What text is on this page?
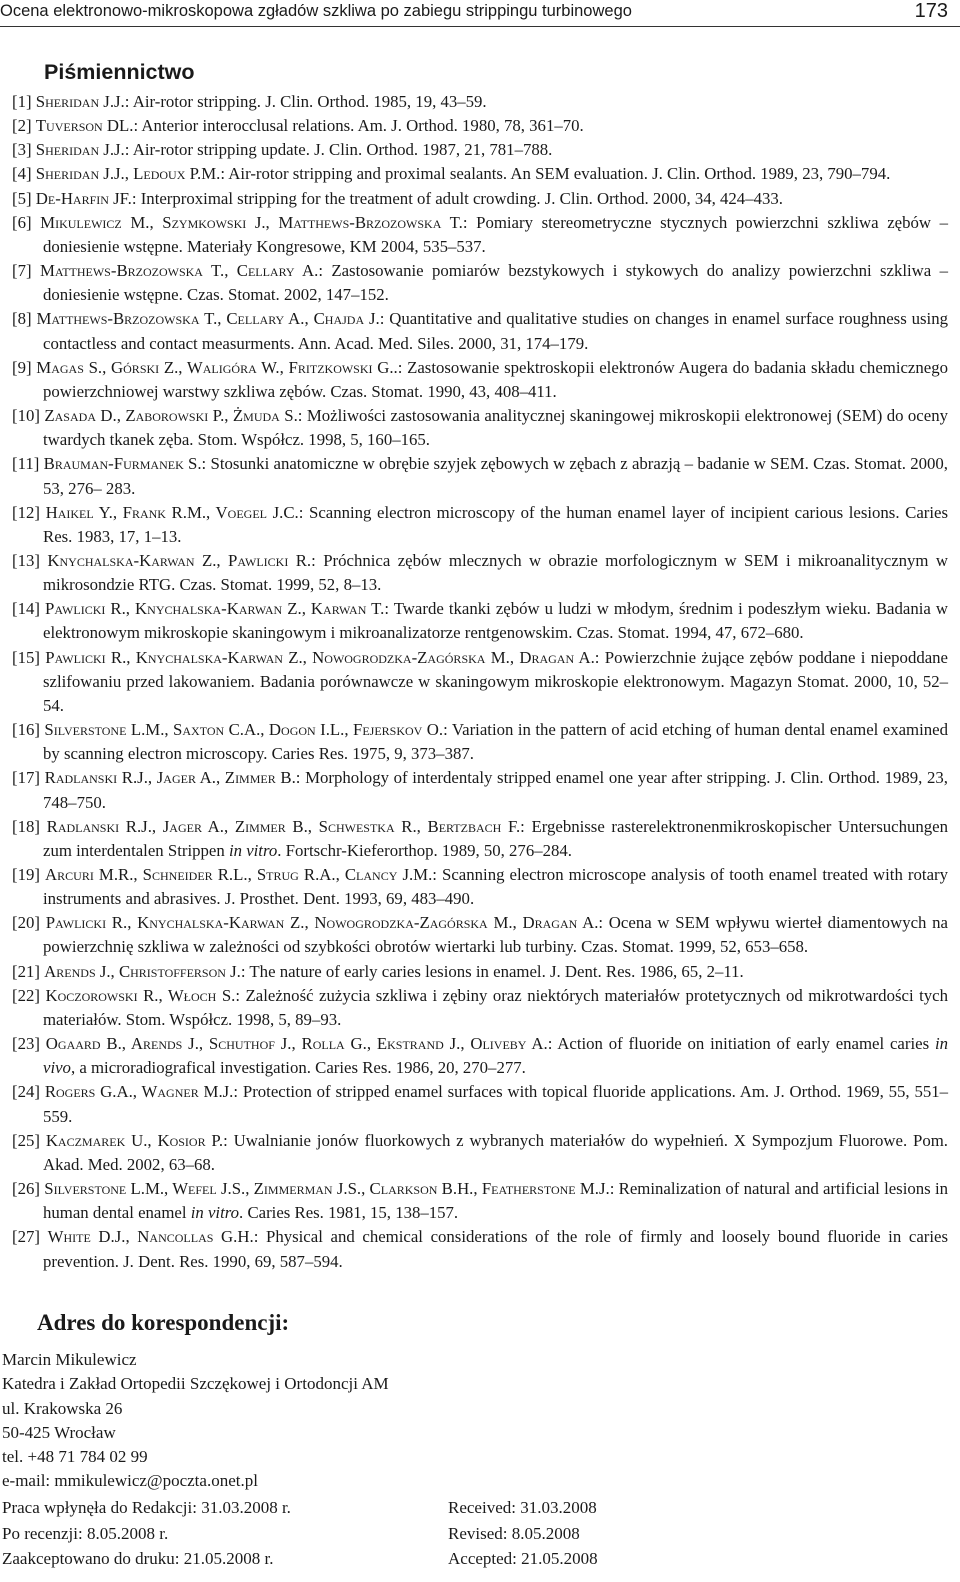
Ocena elektronowo-mikroskopowa zgładów szkliwa po zabiegu strippingu turbinowego	173
Piśmiennictwo
[1] Sheridan J.J.: Air-rotor stripping. J. Clin. Orthod. 1985, 19, 43–59.
[2] Tuverson DL.: Anterior interocclusal relations. Am. J. Orthod. 1980, 78, 361–70.
[3] Sheridan J.J.: Air-rotor stripping update. J. Clin. Orthod. 1987, 21, 781–788.
[4] Sheridan J.J., Ledoux P.M.: Air-rotor stripping and proximal sealants. An SEM evaluation. J. Clin. Orthod. 1989, 23, 790–794.
[5] De-Harfin JF.: Interproximal stripping for the treatment of adult crowding. J. Clin. Orthod. 2000, 34, 424–433.
[6] Mikulewicz M., Szymkowski J., Matthews-Brzozowska T.: Pomiary stereometryczne stycznych powierzchni szkliwa zębów – doniesienie wstępne. Materiały Kongresowe, KM 2004, 535–537.
[7] Matthews-Brzozowska T., Cellary A.: Zastosowanie pomiarów bezstykowych i stykowych do analizy powierzchni szkliwa – doniesienie wstępne. Czas. Stomat. 2002, 147–152.
[8] Matthews-Brzozowska T., Cellary A., Chajda J.: Quantitative and qualitative studies on changes in enamel surface roughness using contactless and contact measurments. Ann. Acad. Med. Siles. 2000, 31, 174–179.
[9] Magas S., Górski Z., Waligóra W., Fritzkowski G..: Zastosowanie spektroskopii elektronów Augera do badania składu chemicznego powierzchniowej warstwy szkliwa zębów. Czas. Stomat. 1990, 43, 408–411.
[10] Zasada D., Zaborowski P., Żmuda S.: Możliwości zastosowania analitycznej skaningowej mikroskopii elektronowej (SEM) do oceny twardych tkanek zęba. Stom. Współcz. 1998, 5, 160–165.
[11] Brauman-Furmanek S.: Stosunki anatomiczne w obrębie szyjek zębowych w zębach z abrazją – badanie w SEM. Czas. Stomat. 2000, 53, 276– 283.
[12] Haikel Y., Frank R.M., Voegel J.C.: Scanning electron microscopy of the human enamel layer of incipient carious lesions. Caries Res. 1983, 17, 1–13.
[13] Knychalska-Karwan Z., Pawlicki R.: Próchnica zębów mlecznych w obrazie morfologicznym w SEM i mikroanalitycznym w mikrosondzie RTG. Czas. Stomat. 1999, 52, 8–13.
[14] Pawlicki R., Knychalska-Karwan Z., Karwan T.: Twarde tkanki zębów u ludzi w młodym, średnim i podeszłym wieku. Badania w elektronowym mikroskopie skaningowym i mikroanalizatorze rentgenowskim. Czas. Stomat. 1994, 47, 672–680.
[15] Pawlicki R., Knychalska-Karwan Z., Nowogrodzka-Zagórska M., Dragan A.: Powierzchnie żujące zębów poddane i niepoddane szlifowaniu przed lakowaniem. Badania porównawcze w skaningowym mikroskopie elektronowym. Magazyn Stomat. 2000, 10, 52–54.
[16] Silverstone L.M., Saxton C.A., Dogon I.L., Fejerskov O.: Variation in the pattern of acid etching of human dental enamel examined by scanning electron microscopy. Caries Res. 1975, 9, 373–387.
[17] Radlanski R.J., Jager A., Zimmer B.: Morphology of interdentaly stripped enamel one year after stripping. J. Clin. Orthod. 1989, 23, 748–750.
[18] Radlanski R.J., Jager A., Zimmer B., Schwestka R., Bertzbach F.: Ergebnisse rasterelektronenmikroskopischer Untersuchungen zum interdentalen Strippen in vitro. Fortschr-Kieferorthop. 1989, 50, 276–284.
[19] Arcuri M.R., Schneider R.L., Strug R.A., Clancy J.M.: Scanning electron microscope analysis of tooth enamel treated with rotary instruments and abrasives. J. Prosthet. Dent. 1993, 69, 483–490.
[20] Pawlicki R., Knychalska-Karwan Z., Nowogrodzka-Zagórska M., Dragan A.: Ocena w SEM wpływu wierteł diamentowych na powierzchnię szkliwa w zależności od szybkości obrotów wiertarki lub turbiny. Czas. Stomat. 1999, 52, 653–658.
[21] Arends J., Christofferson J.: The nature of early caries lesions in enamel. J. Dent. Res. 1986, 65, 2–11.
[22] Koczorowski R., Włoch S.: Zależność zużycia szkliwa i zębiny oraz niektórych materiałów protetycznych od mikrotwardości tych materiałów. Stom. Współcz. 1998, 5, 89–93.
[23] Ogaard B., Arends J., Schuthof J., Rolla G., Ekstrand J., Oliveby A.: Action of fluoride on initiation of early enamel caries in vivo, a microradiografical investigation. Caries Res. 1986, 20, 270–277.
[24] Rogers G.A., Wagner M.J.: Protection of stripped enamel surfaces with topical fluoride applications. Am. J. Orthod. 1969, 55, 551–559.
[25] Kaczmarek U., Kosior P.: Uwalnianie jonów fluorkowych z wybranych materiałów do wypełnień. X Sympozjum Fluorowe. Pom. Akad. Med. 2002, 63–68.
[26] Silverstone L.M., Wefel J.S., Zimmerman J.S., Clarkson B.H., Featherstone M.J.: Reminalization of natural and artificial lesions in human dental enamel in vitro. Caries Res. 1981, 15, 138–157.
[27] White D.J., Nancollas G.H.: Physical and chemical considerations of the role of firmly and loosely bound fluoride in caries prevention. J. Dent. Res. 1990, 69, 587–594.
Adres do korespondencji:
Marcin Mikulewicz
Katedra i Zakład Ortopedii Szczękowej i Ortodoncji AM
ul. Krakowska 26
50-425 Wrocław
tel. +48 71 784 02 99
e-mail: mmikulewicz@poczta.onet.pl
Praca wpłynęła do Redakcji: 31.03.2008 r.
Po recenzji: 8.05.2008 r.
Zaakceptowano do druku: 21.05.2008 r.
Received: 31.03.2008
Revised: 8.05.2008
Accepted: 21.05.2008
